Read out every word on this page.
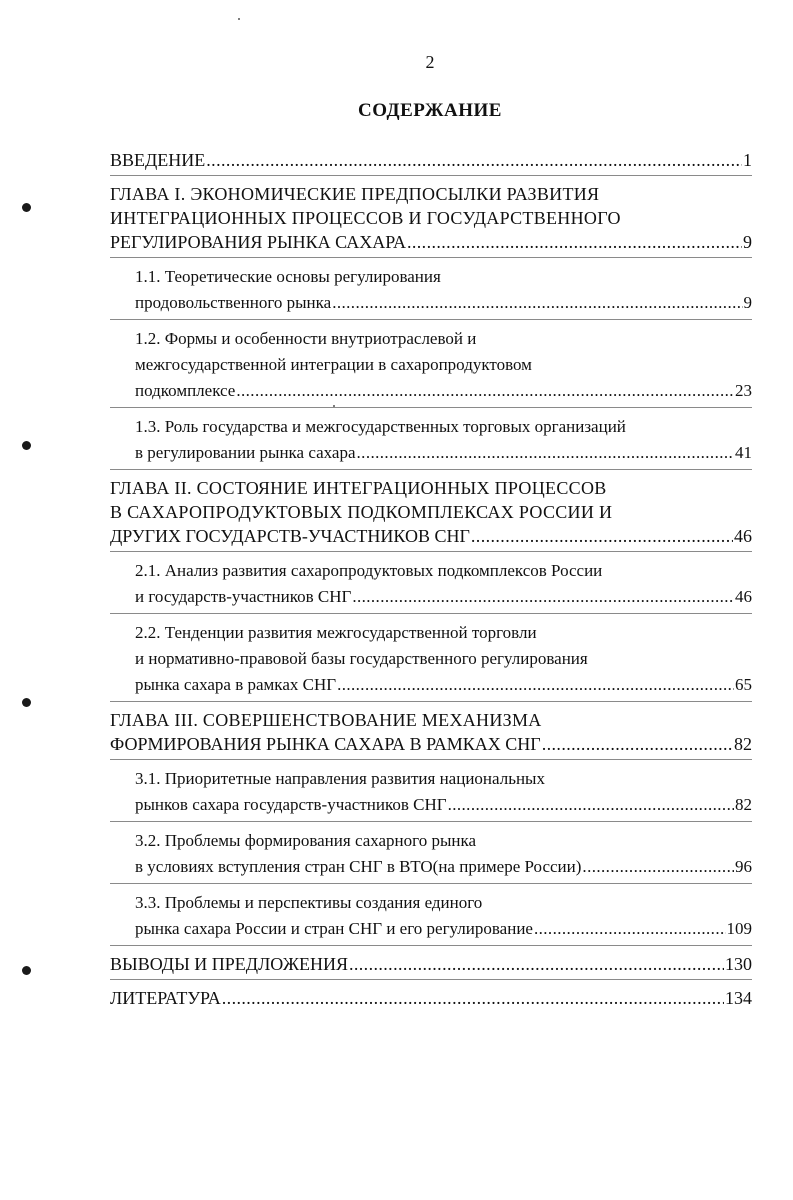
2
СОДЕРЖАНИЕ
ВВЕДЕНИЕ .....	1
ГЛАВА I. ЭКОНОМИЧЕСКИЕ ПРЕДПОСЫЛКИ РАЗВИТИЯ
ИНТЕГРАЦИОННЫХ ПРОЦЕССОВ И ГОСУДАРСТВЕННОГО
РЕГУЛИРОВАНИЯ РЫНКА САХАРА .....	9
1.1. Теоретические основы регулирования
продовольственного рынка .....	9
1.2. Формы и особенности внутриотраслевой и
межгосударственной интеграции в сахаропродуктовом
подкомплексе .....	23
1.3. Роль государства и межгосударственных торговых организаций
в регулировании рынка сахара .....	41
ГЛАВА II. СОСТОЯНИЕ ИНТЕГРАЦИОННЫХ ПРОЦЕССОВ
В САХАРОПРОДУКТОВЫХ ПОДКОМПЛЕКСАХ РОССИИ И
ДРУГИХ ГОСУДАРСТВ-УЧАСТНИКОВ СНГ .....	46
2.1. Анализ развития сахаропродуктовых подкомплексов России
и государств-участников СНГ .....	46
2.2. Тенденции развития межгосударственной торговли
и нормативно-правовой базы государственного регулирования
рынка сахара в рамках СНГ .....	65
ГЛАВА III. СОВЕРШЕНСТВОВАНИЕ МЕХАНИЗМА
ФОРМИРОВАНИЯ РЫНКА САХАРА В РАМКАХ СНГ .....	82
3.1. Приоритетные направления развития национальных
рынков сахара государств-участников СНГ .....	82
3.2. Проблемы формирования сахарного рынка
в условиях вступления стран СНГ в ВТО(на примере России) .....	96
3.3. Проблемы и перспективы создания единого
рынка сахара России и стран СНГ и его регулирование .....	109
ВЫВОДЫ И ПРЕДЛОЖЕНИЯ .....	130
ЛИТЕРАТУРА .....	134
